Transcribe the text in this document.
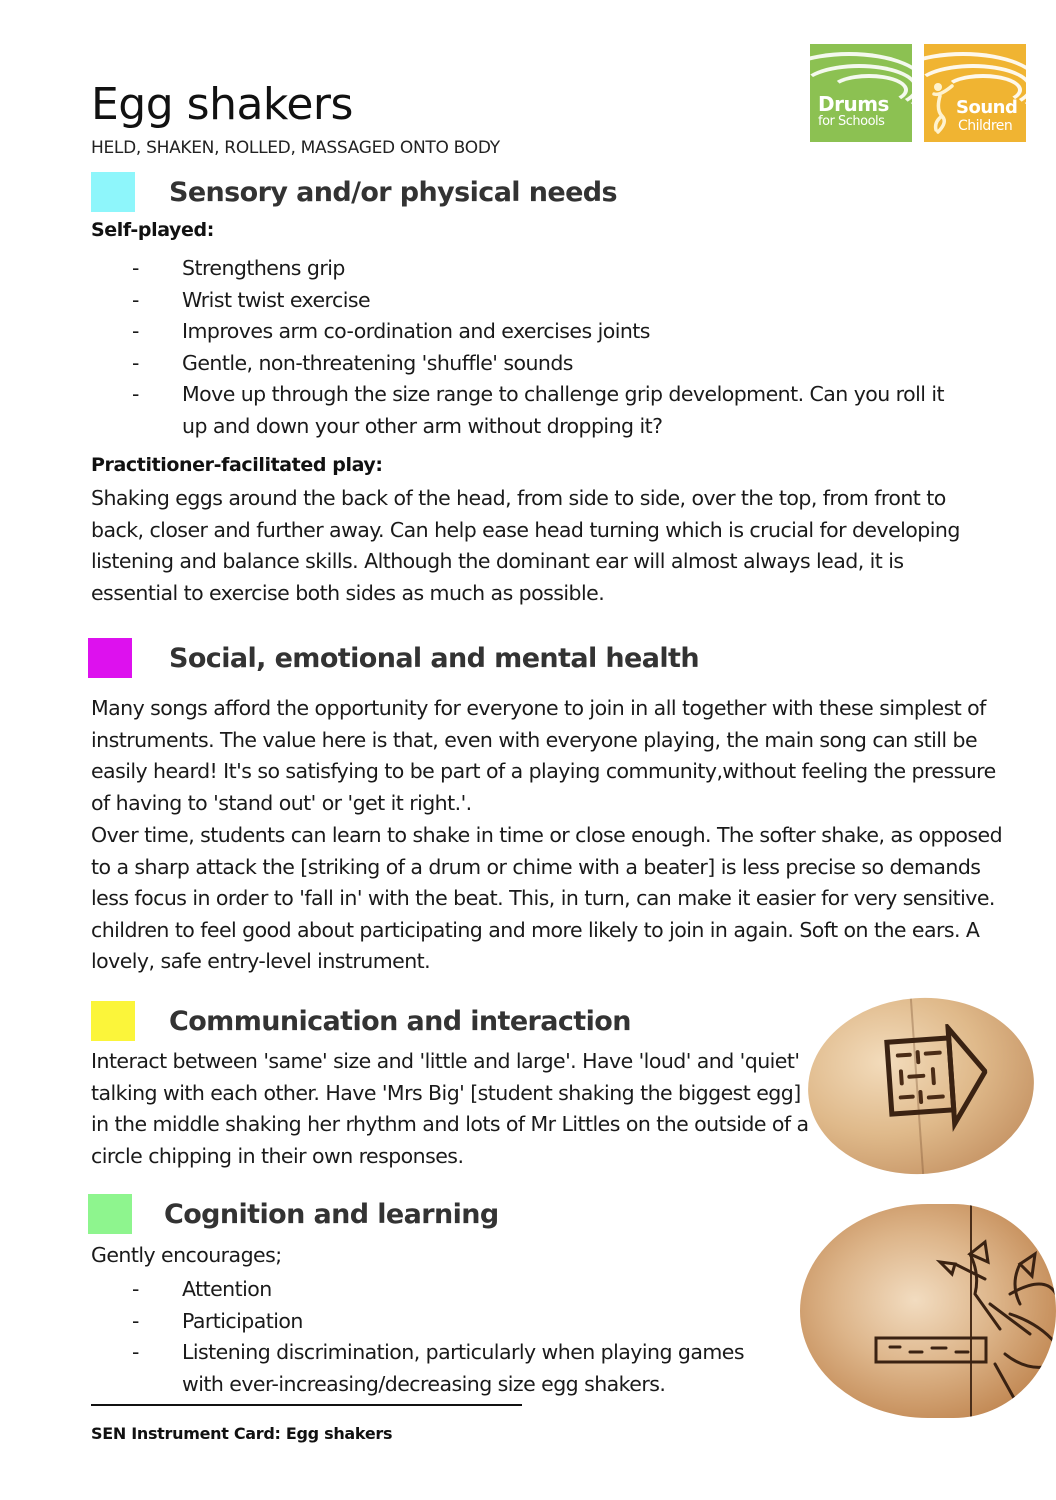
Egg shakers
HELD, SHAKEN, ROLLED, MASSAGED ONTO BODY
Drums
for Schools
Sound
Children
Sensory and/or physical needs
Self-played:
- Strengthens grip
- Wrist twist exercise
- Improves arm co-ordination and exercises joints
- Gentle, non-threatening 'shuffle' sounds
- Move up through the size range to challenge grip development. Can you roll it up and down your other arm without dropping it?
Practitioner-facilitated play:
Shaking eggs around the back of the head, from side to side, over the top, from front to back, closer and further away. Can help ease head turning which is crucial for developing listening and balance skills. Although the dominant ear will almost always lead, it is essential to exercise both sides as much as possible.
Social, emotional and mental health
Many songs afford the opportunity for everyone to join in all together with these simplest of instruments. The value here is that, even with everyone playing, the main song can still be easily heard! It's so satisfying to be part of a playing community,without feeling the pressure of having to 'stand out' or 'get it right.'.
Over time, students can learn to shake in time or close enough. The softer shake, as opposed to a sharp attack the [striking of a drum or chime with a beater] is less precise so demands less focus in order to 'fall in' with the beat. This, in turn, can make it easier for very sensitive. children to feel good about participating and more likely to join in again. Soft on the ears. A lovely, safe entry-level instrument.
Communication and interaction
Interact between 'same' size and 'little and large'. Have 'loud' and 'quiet' talking with each other. Have 'Mrs Big' [student shaking the biggest egg] in the middle shaking her rhythm and lots of Mr Littles on the outside of a circle chipping in their own responses.
Cognition and learning
Gently encourages;
- Attention
- Participation
- Listening discrimination, particularly when playing games with ever-increasing/decreasing size egg shakers.
SEN Instrument Card: Egg shakers
